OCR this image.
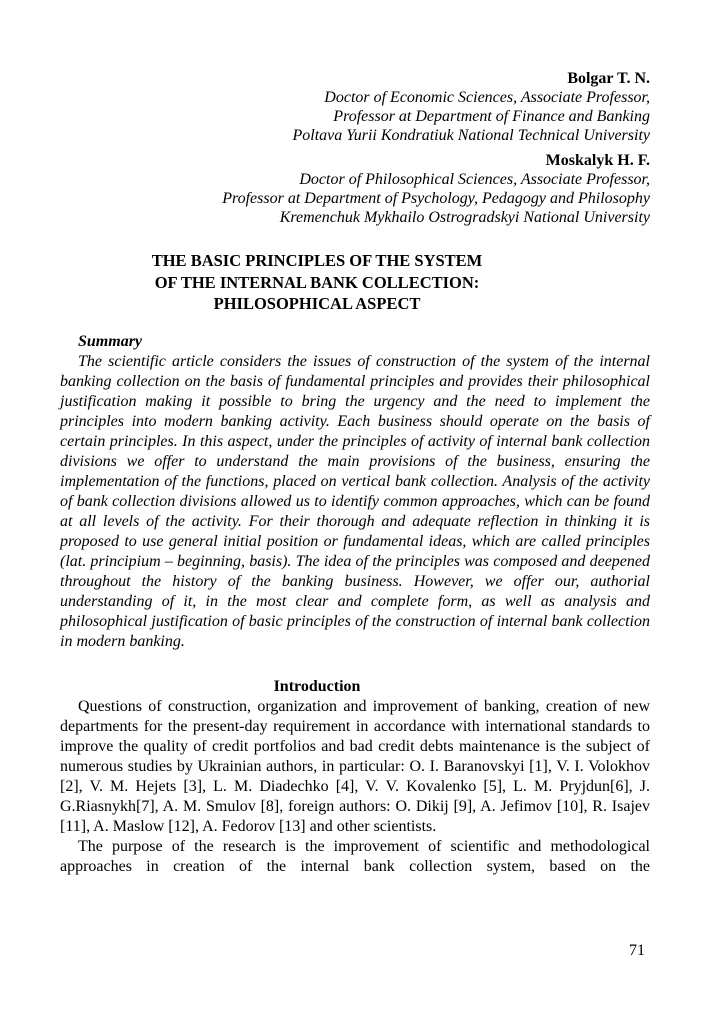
Bolgar T. N.
Doctor of Economic Sciences, Associate Professor,
Professor at Department of Finance and Banking
Poltava Yurii Kondratiuk National Technical University
Moskalyk H. F.
Doctor of Philosophical Sciences, Associate Professor,
Professor at Department of Psychology, Pedagogy and Philosophy
Kremenchuk Mykhailo Ostrogradskyi National University
THE BASIC PRINCIPLES OF THE SYSTEM
OF THE INTERNAL BANK COLLECTION:
PHILOSOPHICAL ASPECT
Summary

The scientific article considers the issues of construction of the system of the internal banking collection on the basis of fundamental principles and provides their philosophical justification making it possible to bring the urgency and the need to implement the principles into modern banking activity. Each business should operate on the basis of certain principles. In this aspect, under the principles of activity of internal bank collection divisions we offer to understand the main provisions of the business, ensuring the implementation of the functions, placed on vertical bank collection. Analysis of the activity of bank collection divisions allowed us to identify common approaches, which can be found at all levels of the activity. For their thorough and adequate reflection in thinking it is proposed to use general initial position or fundamental ideas, which are called principles (lat. principium – beginning, basis). The idea of the principles was composed and deepened throughout the history of the banking business. However, we offer our, authorial understanding of it, in the most clear and complete form, as well as analysis and philosophical justification of basic principles of the construction of internal bank collection in modern banking.

Introduction

Questions of construction, organization and improvement of banking, creation of new departments for the present-day requirement in accordance with international standards to improve the quality of credit portfolios and bad credit debts maintenance is the subject of numerous studies by Ukrainian authors, in particular: O. I. Baranovskyi [1], V. I. Volokhov [2], V. M. Hejets [3], L. M. Diadechko [4], V. V. Kovalenko [5], L. M. Pryjdun[6], J. G.Riasnykh[7], A. M. Smulov [8], foreign authors: O. Dikij [9], A. Jefimov [10], R. Isajev [11], A. Maslow [12], A. Fedorov [13] and other scientists.

The purpose of the research is the improvement of scientific and methodological approaches in creation of the internal bank collection system, based on the

71
